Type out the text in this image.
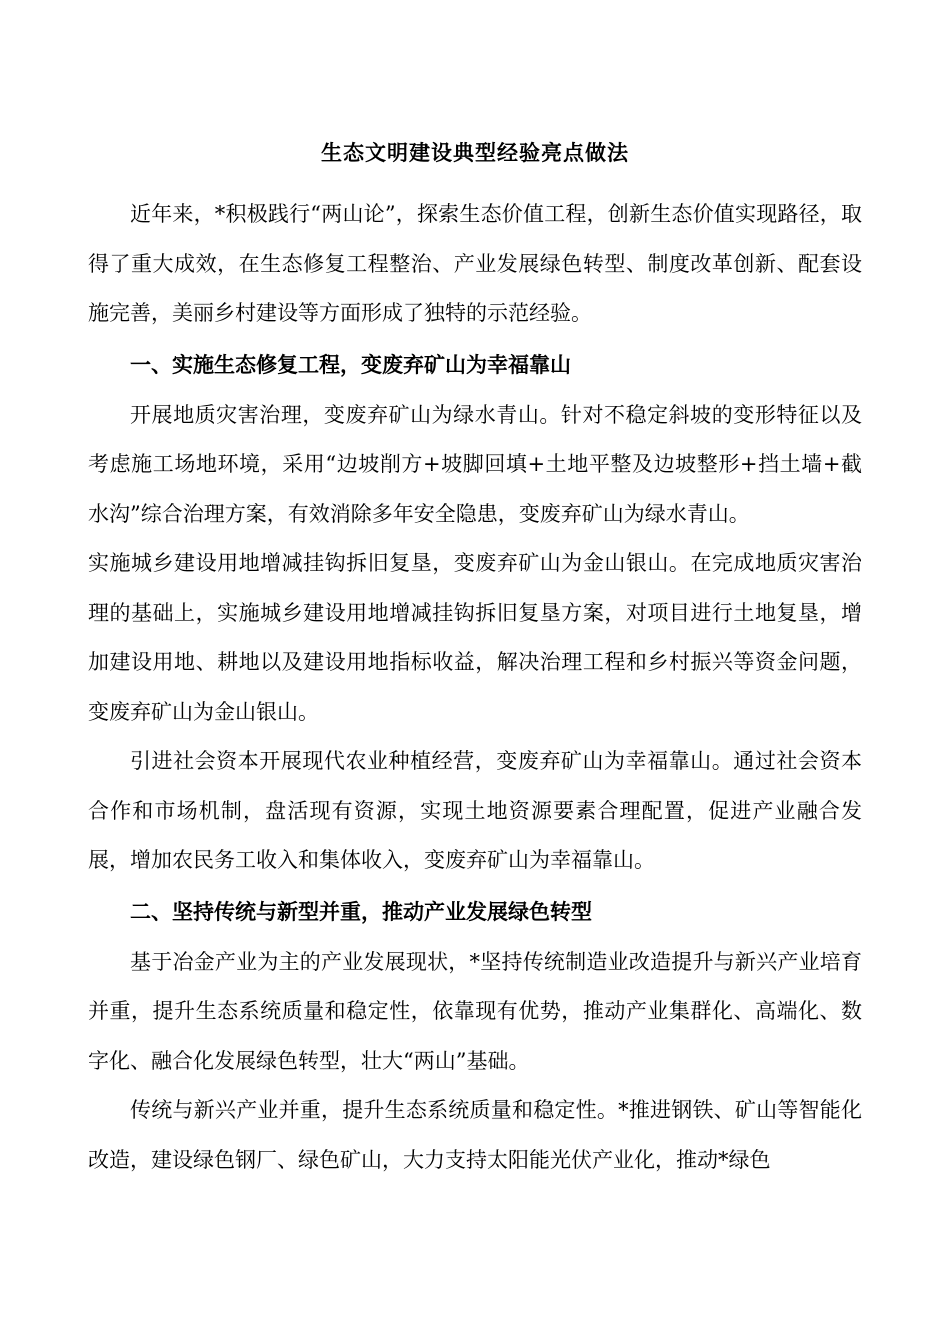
生态文明建设典型经验亮点做法

近年来，*积极践行“两山论”，探索生态价值工程，创新生态价值实现路径，取得了重大成效，在生态修复工程整治、产业发展绿色转型、制度改革创新、配套设施完善，美丽乡村建设等方面形成了独特的示范经验。

一、实施生态修复工程，变废弃矿山为幸福靠山

开展地质灾害治理，变废弃矿山为绿水青山。针对不稳定斜坡的变形特征以及考虑施工场地环境，采用“边坡削方+坡脚回填+土地平整及边坡整形+挡土墙+截水沟”综合治理方案，有效消除多年安全隐患，变废弃矿山为绿水青山。

实施城乡建设用地增减挂钩拆旧复垦，变废弃矿山为金山银山。在完成地质灾害治理的基础上，实施城乡建设用地增减挂钩拆旧复垦方案，对项目进行土地复垦，增加建设用地、耕地以及建设用地指标收益，解决治理工程和乡村振兴等资金问题，变废弃矿山为金山银山。

引进社会资本开展现代农业种植经营，变废弃矿山为幸福靠山。通过社会资本合作和市场机制，盘活现有资源，实现土地资源要素合理配置，促进产业融合发展，增加农民务工收入和集体收入，变废弃矿山为幸福靠山。

二、坚持传统与新型并重，推动产业发展绿色转型

基于冶金产业为主的产业发展现状，*坚持传统制造业改造提升与新兴产业培育并重，提升生态系统质量和稳定性，依靠现有优势，推动产业集群化、高端化、数字化、融合化发展绿色转型，壮大“两山”基础。

传统与新兴产业并重，提升生态系统质量和稳定性。*推进钢铁、矿山等智能化改造，建设绿色钢厂、绿色矿山，大力支持太阳能光伏产业化，推动*绿色
